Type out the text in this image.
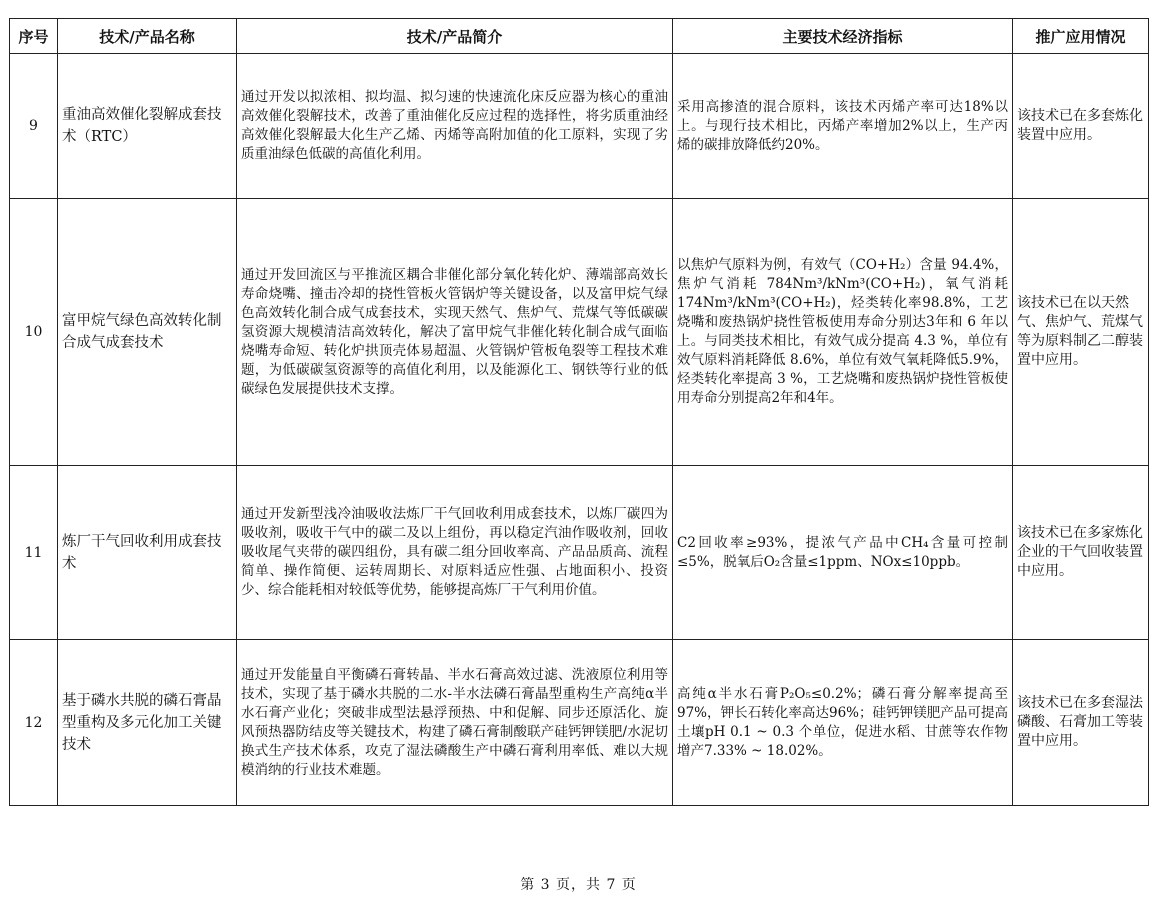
序号	技术/产品名称	技术/产品简介	主要技术经济指标	推广应用情况
9	重油高效催化裂解成套技术（RTC）	通过开发以拟浓相、拟均温、拟匀速的快速流化床反应器为核心的重油高效催化裂解技术，改善了重油催化反应过程的选择性，将劣质重油经高效催化裂解最大化生产乙烯、丙烯等高附加值的化工原料，实现了劣质重油绿色低碳的高值化利用。	采用高掺渣的混合原料，该技术丙烯产率可达18%以上。与现行技术相比，丙烯产率增加2%以上，生产丙烯的碳排放降低约20%。	该技术已在多套炼化装置中应用。
10	富甲烷气绿色高效转化制合成气成套技术	通过开发回流区与平推流区耦合非催化部分氧化转化炉、薄端部高效长寿命烧嘴、撞击冷却的挠性管板火管锅炉等关键设备，以及富甲烷气绿色高效转化制合成气成套技术，实现天然气、焦炉气、荒煤气等低碳碳氢资源大规模清洁高效转化，解决了富甲烷气非催化转化制合成气面临烧嘴寿命短、转化炉拱顶壳体易超温、火管锅炉管板龟裂等工程技术难题，为低碳碳氢资源等的高值化利用，以及能源化工、钢铁等行业的低碳绿色发展提供技术支撑。	以焦炉气原料为例，有效气（CO+H₂）含量 94.4%，焦炉气消耗 784Nm³/kNm³(CO+H₂)，氧气消耗 174Nm³/kNm³(CO+H₂)，烃类转化率98.8%，工艺烧嘴和废热锅炉挠性管板使用寿命分别达3年和 6 年以上。与同类技术相比，有效气成分提高 4.3 %，单位有效气原料消耗降低 8.6%，单位有效气氧耗降低5.9%，烃类转化率提高 3 %，工艺烧嘴和废热锅炉挠性管板使用寿命分别提高2年和4年。	该技术已在以天然气、焦炉气、荒煤气等为原料制乙二醇装置中应用。
11	炼厂干气回收利用成套技术	通过开发新型浅冷油吸收法炼厂干气回收利用成套技术，以炼厂碳四为吸收剂，吸收干气中的碳二及以上组份，再以稳定汽油作吸收剂，回收吸收尾气夹带的碳四组份，具有碳二组分回收率高、产品品质高、流程简单、操作简便、运转周期长、对原料适应性强、占地面积小、投资少、综合能耗相对较低等优势，能够提高炼厂干气利用价值。	C2回收率≥93%，提浓气产品中CH₄含量可控制≤5%，脱氧后O₂含量≤1ppm、NOx≤10ppb。	该技术已在多家炼化企业的干气回收装置中应用。
12	基于磷水共脱的磷石膏晶型重构及多元化加工关键技术	通过开发能量自平衡磷石膏转晶、半水石膏高效过滤、洗液原位利用等技术，实现了基于磷水共脱的二水-半水法磷石膏晶型重构生产高纯α半水石膏产业化；突破非成型法悬浮预热、中和促解、同步还原活化、旋风预热器防结皮等关键技术，构建了磷石膏制酸联产硅钙钾镁肥/水泥切换式生产技术体系，攻克了湿法磷酸生产中磷石膏利用率低、难以大规模消纳的行业技术难题。	高纯α半水石膏P₂O₅≤0.2%；磷石膏分解率提高至97%，钾长石转化率高达96%；硅钙钾镁肥产品可提高土壤pH 0.1 ~ 0.3 个单位，促进水稻、甘蔗等农作物增产7.33% ~ 18.02%。	该技术已在多套湿法磷酸、石膏加工等装置中应用。
第 3 页，共 7 页
